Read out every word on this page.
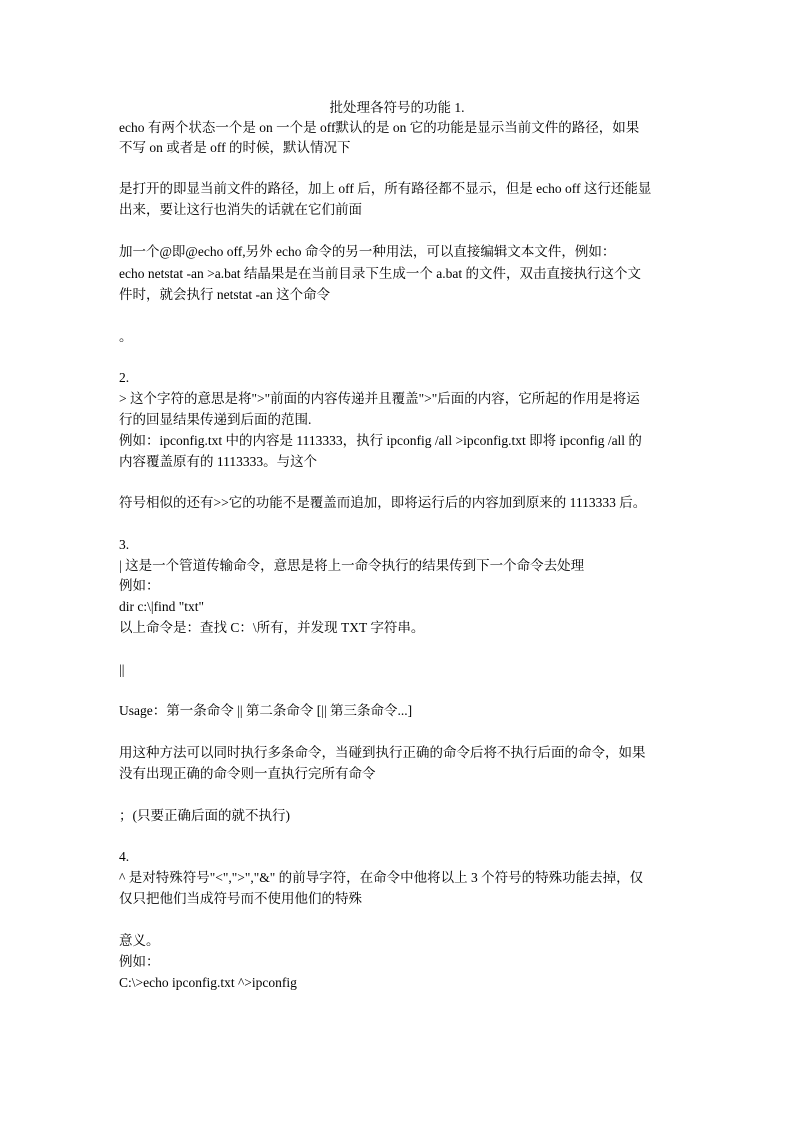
批处理各符号的功能 1.
echo 有两个状态一个是 on 一个是 off默认的是 on 它的功能是显示当前文件的路径，如果
不写 on 或者是 off 的时候，默认情况下
是打开的即显当前文件的路径，加上 off 后，所有路径都不显示，但是 echo off 这行还能显
出来，要让这行也消失的话就在它们前面
加一个@即@echo off,另外 echo 命令的另一种用法，可以直接编辑文本文件，例如：
echo netstat -an >a.bat 结晶果是在当前目录下生成一个 a.bat 的文件，双击直接执行这个文
件时，就会执行 netstat -an 这个命令
。
2.
> 这个字符的意思是将">"前面的内容传递并且覆盖">"后面的内容，它所起的作用是将运
行的回显结果传递到后面的范围.
例如：ipconfig.txt 中的内容是 1113333，执行 ipconfig /all >ipconfig.txt 即将 ipconfig /all 的
内容覆盖原有的 1113333。与这个
符号相似的还有>>它的功能不是覆盖而追加，即将运行后的内容加到原来的 1113333 后。
3.
| 这是一个管道传输命令，意思是将上一命令执行的结果传到下一个命令去处理
例如：
dir c:\|find "txt"
以上命令是：查找 C：\所有，并发现 TXT 字符串。
||
Usage：第一条命令 || 第二条命令 [|| 第三条命令...]
用这种方法可以同时执行多条命令，当碰到执行正确的命令后将不执行后面的命令，如果
没有出现正确的命令则一直执行完所有命令
；(只要正确后面的就不执行)
4.
^ 是对特殊符号"<",">","&" 的前导字符，在命令中他将以上 3 个符号的特殊功能去掉，仅
仅只把他们当成符号而不使用他们的特殊
意义。
例如：
C:\>echo ipconfig.txt ^>ipconfig
